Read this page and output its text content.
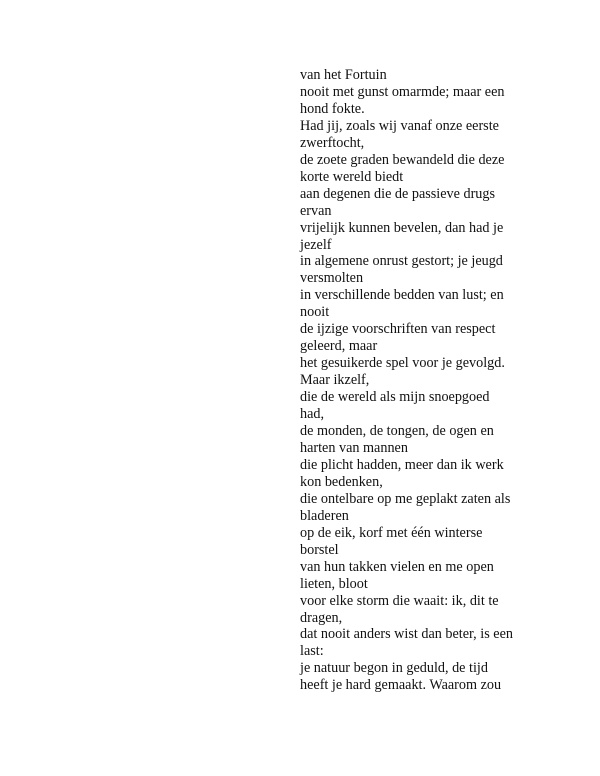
van het Fortuin
nooit met gunst omarmde; maar een
hond fokte.
Had jij, zoals wij vanaf onze eerste
zwerftocht,
de zoete graden bewandeld die deze
korte wereld biedt
aan degenen die de passieve drugs
ervan
vrijelijk kunnen bevelen, dan had je
jezelf
in algemene onrust gestort; je jeugd
versmolten
in verschillende bedden van lust; en
nooit
de ijzige voorschriften van respect
geleerd, maar
het gesuikerde spel voor je gevolgd.
Maar ikzelf,
die de wereld als mijn snoepgoed
had,
de monden, de tongen, de ogen en
harten van mannen
die plicht hadden, meer dan ik werk
kon bedenken,
die ontelbare op me geplakt zaten als
bladeren
op de eik, korf met één winterse
borstel
van hun takken vielen en me open
lieten, bloot
voor elke storm die waait: ik, dit te
dragen,
dat nooit anders wist dan beter, is een
last:
je natuur begon in geduld, de tijd
heeft je hard gemaakt. Waarom zou
